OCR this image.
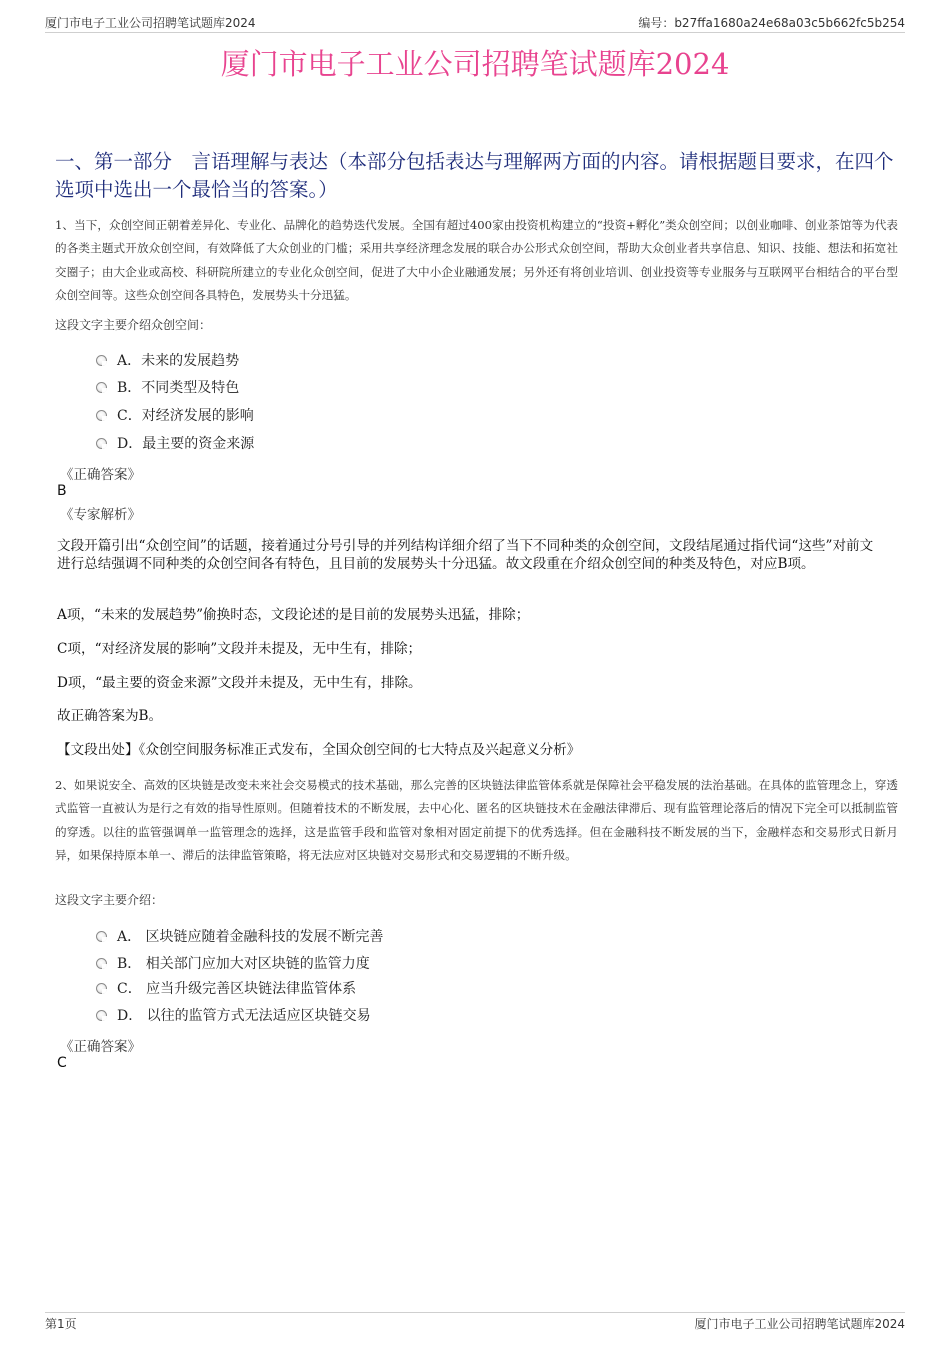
厦门市电子工业公司招聘笔试题库2024	编号：b27ffa1680a24e68a03c5b662fc5b254
厦门市电子工业公司招聘笔试题库2024
一、第一部分　言语理解与表达（本部分包括表达与理解两方面的内容。请根据题目要求，在四个选项中选出一个最恰当的答案。）
1、当下，众创空间正朝着差异化、专业化、品牌化的趋势迭代发展。全国有超过400家由投资机构建立的“投资+孵化”类众创空间；以创业咖啡、创业茶馆等为代表的各类主题式开放众创空间，有效降低了大众创业的门槛；采用共享经济理念发展的联合办公形式众创空间，帮助大众创业者共享信息、知识、技能、想法和拓宽社交圈子；由大企业或高校、科研院所建立的专业化众创空间，促进了大中小企业融通发展；另外还有将创业培训、创业投资等专业服务与互联网平台相结合的平台型众创空间等。这些众创空间各具特色，发展势头十分迅猛。
这段文字主要介绍众创空间：
A．未来的发展趋势
B．不同类型及特色
C．对经济发展的影响
D．最主要的资金来源
《正确答案》
B
《专家解析》
文段开篇引出“众创空间”的话题，接着通过分号引导的并列结构详细介绍了当下不同种类的众创空间，文段结尾通过指代词“这些”对前文进行总结强调不同种类的众创空间各有特色，且目前的发展势头十分迅猛。故文段重在介绍众创空间的种类及特色，对应B项。
A项，“未来的发展趋势”偷换时态，文段论述的是目前的发展势头迅猛，排除；
C项，“对经济发展的影响”文段并未提及，无中生有，排除；
D项，“最主要的资金来源”文段并未提及，无中生有，排除。
故正确答案为B。
【文段出处】《众创空间服务标准正式发布，全国众创空间的七大特点及兴起意义分析》
2、如果说安全、高效的区块链是改变未来社会交易模式的技术基础，那么完善的区块链法律监管体系就是保障社会平稳发展的法治基础。在具体的监管理念上，穿透式监管一直被认为是行之有效的指导性原则。但随着技术的不断发展，去中心化、匿名的区块链技术在金融法律滞后、现有监管理论落后的情况下完全可以抵制监管的穿透。以往的监管强调单一监管理念的选择，这是监管手段和监管对象相对固定前提下的优秀选择。但在金融科技不断发展的当下，金融样态和交易形式日新月异，如果保持原本单一、滞后的法律监管策略，将无法应对区块链对交易形式和交易逻辑的不断升级。
这段文字主要介绍：
A． 区块链应随着金融科技的发展不断完善
B． 相关部门应加大对区块链的监管力度
C． 应当升级完善区块链法律监管体系
D． 以往的监管方式无法适应区块链交易
《正确答案》
C
第1页	厦门市电子工业公司招聘笔试题库2024
